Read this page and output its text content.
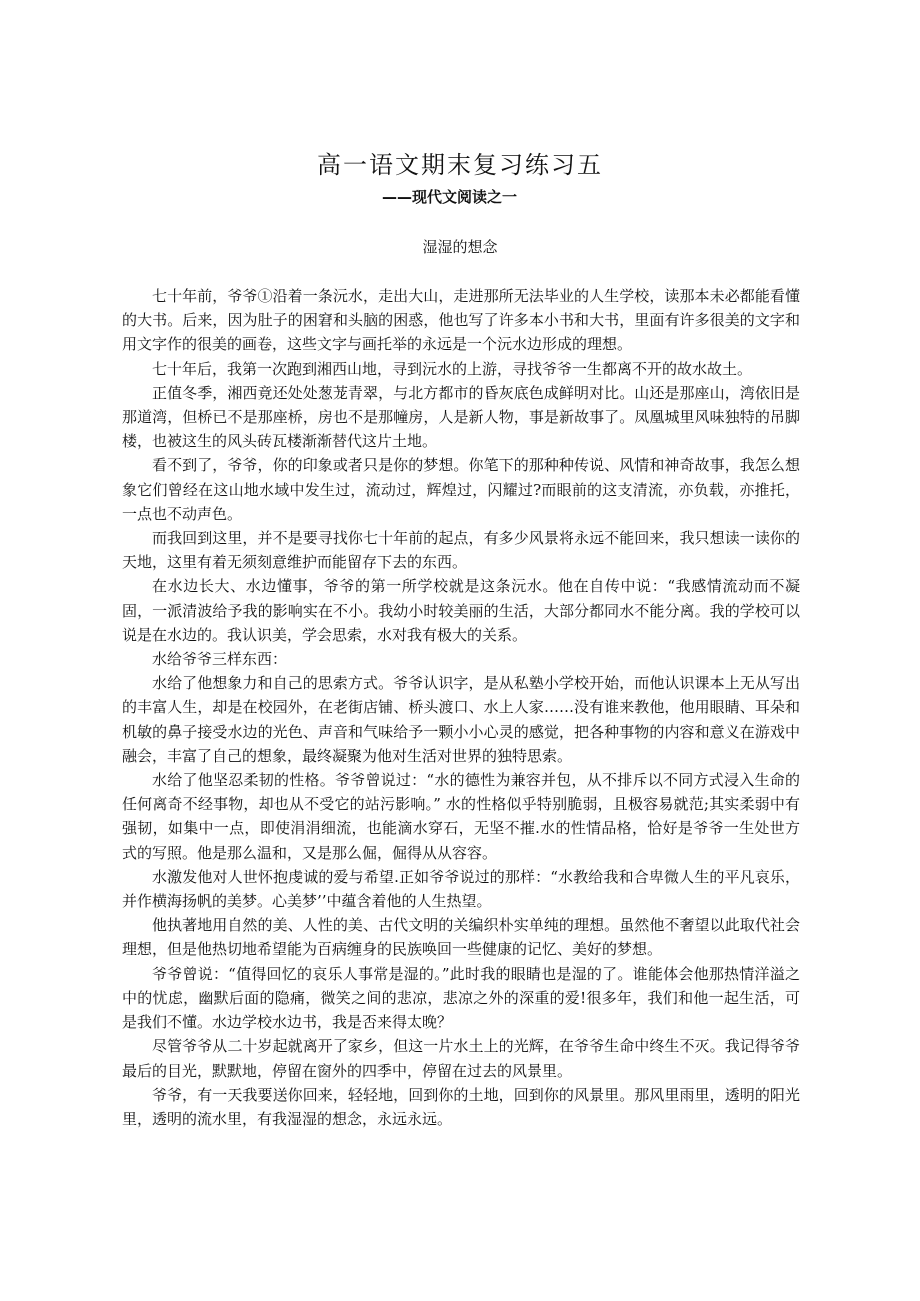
高一语文期末复习练习五
——现代文阅读之一
湿湿的想念

七十年前，爷爷①沿着一条沅水，走出大山，走进那所无法毕业的人生学校，读那本未必都能看懂的大书。后来，因为肚子的困窘和头脑的困惑，他也写了许多本小书和大书，里面有许多很美的文字和用文字作的很美的画卷，这些文字与画托举的永远是一个沅水边形成的理想。

七十年后，我第一次跑到湘西山地，寻到沅水的上游，寻找爷爷一生都离不开的故水故土。

正值冬季，湘西竟还处处葱茏青翠，与北方都市的昏灰底色成鲜明对比。山还是那座山，湾依旧是那道湾，但桥已不是那座桥，房也不是那幢房，人是新人物，事是新故事了。凤凰城里风味独特的吊脚楼，也被这生的风头砖瓦楼渐渐替代这片土地。

看不到了，爷爷，你的印象或者只是你的梦想。你笔下的那种种传说、风情和神奇故事，我怎么想象它们曾经在这山地水域中发生过，流动过，辉煌过，闪耀过?而眼前的这支清流，亦负载，亦推托，一点也不动声色。

而我回到这里，并不是要寻找你七十年前的起点，有多少风景将永远不能回来，我只想读一读你的天地，这里有着无须刻意维护而能留存下去的东西。

在水边长大、水边懂事，爷爷的第一所学校就是这条沅水。他在自传中说：“我感情流动而不凝固，一派清波给予我的影响实在不小。我幼小时较美丽的生活，大部分都同水不能分离。我的学校可以说是在水边的。我认识美，学会思索，水对我有极大的关系。

水给爷爷三样东西：

水给了他想象力和自己的思索方式。爷爷认识字，是从私塾小学校开始，而他认识课本上无从写出的丰富人生，却是在校园外，在老街店铺、桥头渡口、水上人家……没有谁来教他，他用眼睛、耳朵和机敏的鼻子接受水边的光色、声音和气味给予一颗小小心灵的感觉，把各种事物的内容和意义在游戏中融会，丰富了自己的想象，最终凝聚为他对生活对世界的独特思索。

水给了他坚忍柔韧的性格。爷爷曾说过：“水的德性为兼容并包，从不排斥以不同方式浸入生命的任何离奇不经事物，却也从不受它的站污影响。” 水的性格似乎特别脆弱，且极容易就范;其实柔弱中有强韧，如集中一点，即使涓涓细流，也能滴水穿石，无坚不摧.水的性情品格，恰好是爷爷一生处世方式的写照。他是那么温和，又是那么倔，倔得从从容容。

水激发他对人世怀抱虔诚的爱与希望.正如爷爷说过的那样：“水教给我和合卑微人生的平凡哀乐，并作横海扬帆的美梦。心美梦’’中蕴含着他的人生热望。

他执著地用自然的美、人性的美、古代文明的关编织朴实单纯的理想。虽然他不奢望以此取代社会理想，但是他热切地希望能为百病缠身的民族唤回一些健康的记忆、美好的梦想。

爷爷曾说：“值得回忆的哀乐人事常是湿的。”此时我的眼睛也是湿的了。谁能体会他那热情洋溢之中的忧虑，幽默后面的隐痛，微笑之间的悲凉，悲凉之外的深重的爱!很多年，我们和他一起生活，可是我们不懂。水边学校水边书，我是否来得太晚？

尽管爷爷从二十岁起就离开了家乡，但这一片水土上的光辉，在爷爷生命中终生不灭。我记得爷爷最后的目光，默默地，停留在窗外的四季中，停留在过去的风景里。

爷爷，有一天我要送你回来，轻轻地，回到你的土地，回到你的风景里。那风里雨里，透明的阳光里，透明的流水里，有我湿湿的想念，永远永远。
